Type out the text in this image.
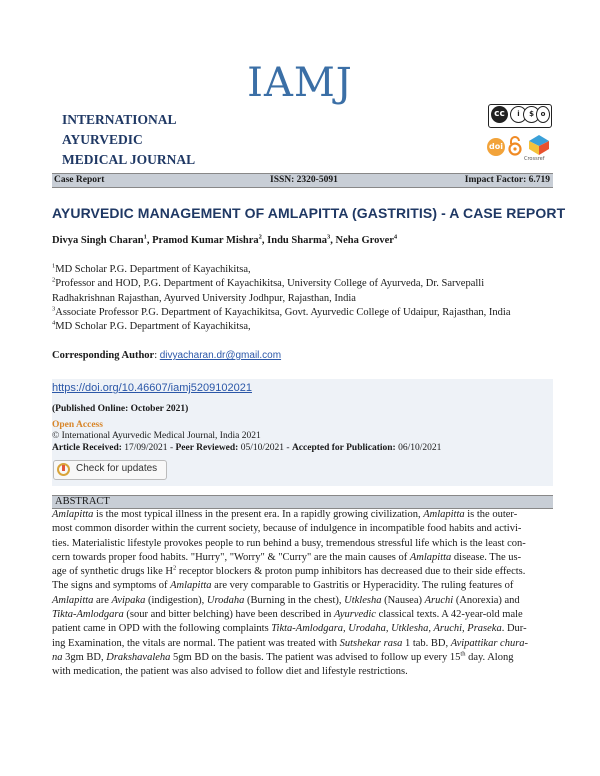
IAMJ
INTERNATIONAL
AYURVEDIC
MEDICAL JOURNAL
cc	i	$ o
doi
Crossref
Case Report	ISSN: 2320-5091	Impact Factor: 6.719
AYURVEDIC MANAGEMENT OF AMLAPITTA (GASTRITIS) - A CASE REPORT
Divya Singh Charan$^1$, Pramod Kumar Mishra$^2$, Indu Sharma$^3$, Neha Grover$^4$
$^1$MD Scholar P.G. Department of Kayachikitsa,
$^2$Professor and HOD, P.G. Department of Kayachikitsa, University College of Ayurveda, Dr. Sarvepalli
Radhakrishnan Rajasthan, Ayurved University Jodhpur, Rajasthan, India
$^3$Associate Professor P.G. Department of Kayachikitsa, Govt. Ayurvedic College of Udaipur, Rajasthan, India
$^4$MD Scholar P.G. Department of Kayachikitsa,
Corresponding Author: divyacharan.dr@gmail.com
https://doi.org/10.46607/iamj5209102021
(Published Online: October 2021)
Open Access
© International Ayurvedic Medical Journal, India 2021
Article Received: 17/09/2021 - Peer Reviewed: 05/10/2021 - Accepted for Publication: 06/10/2021
Check for updates
ABSTRACT
Amlapitta is the most typical illness in the present era. In a rapidly growing civilization, Amlapitta is the outer-
most common disorder within the current society, because of indulgence in incompatible food habits and activi-
ties. Materialistic lifestyle provokes people to run behind a busy, tremendous stressful life which is the least con-
cern towards proper food habits. "Hurry", "Worry" & "Curry" are the main causes of Amlapitta disease. The us-
age of synthetic drugs like $H^2$ receptor blockers & proton pump inhibitors has decreased due to their side effects.
The signs and symptoms of Amlapitta are very comparable to Gastritis or Hyperacidity. The ruling features of
Amlapitta are Avipaka (indigestion), Urodaha (Burning in the chest), Utklesha (Nausea) Aruchi (Anorexia) and
Tikta-Amlodgara (sour and bitter belching) have been described in Ayurvedic classical texts. A 42-year-old male
patient came in OPD with the following complaints Tikta-Amlodgara, Urodaha, Utklesha, Aruchi, Praseka. Dur-
ing Examination, the vitals are normal. The patient was treated with Sutshekar rasa 1 tab. BD, Avipattikar chura-
na 3gm BD, Drakshavaleha 5gm BD on the basis. The patient was advised to follow up every 15th day. Along
with medication, the patient was also advised to follow diet and lifestyle restrictions.
